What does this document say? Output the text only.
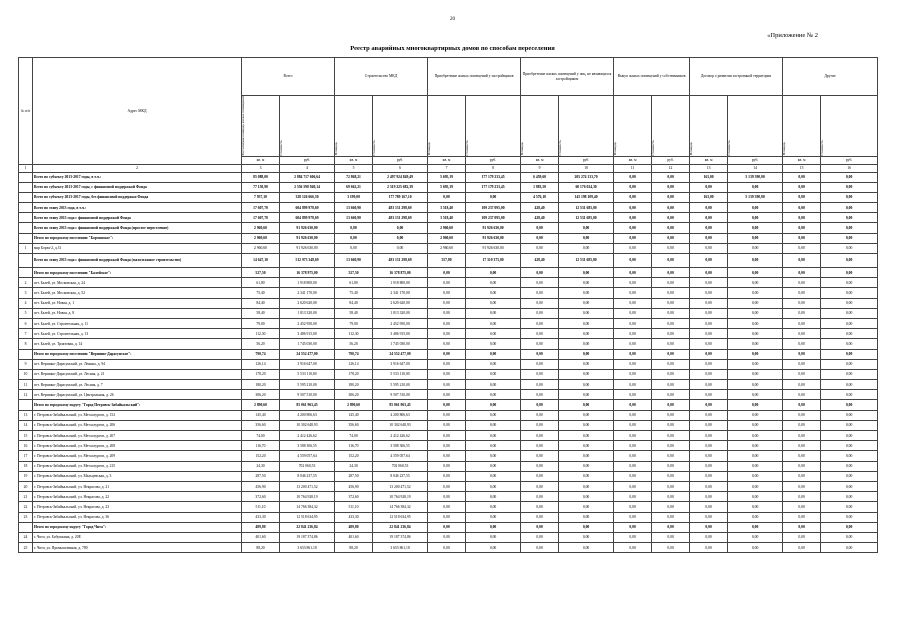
20
«Приложение № 2
Реестр аварийных многоквартирных домов по способам переселения
№ п/п	Адрес МКД	Всего		Строительство МКД		Приобретение жилых помещений у застройщиков		Приобретение жилых помещений у лиц, не являющихся застройщиком		Выкуп жилых помещений у собственников		Договор о развитии застроенной территории		Другие	

		Расселяемая площадь жилых помещений	Стоимость	Площадь	Стоимость	Площадь	Стоимость	Площадь	Стоимость	Площадь	Стоимость	Площадь	Стоимость	Площадь	Стоимость

		кв. м	руб.	кв. м	руб.	кв. м	руб.	кв. м	руб.	кв. м	руб.	кв. м	руб.	кв. м	руб.
1	2	3	4	5	6	7	8	9	10	11	12	13	14	15	16
	Всего по субъекту 2013-2017 годы, в т.ч.:	85 088,00	2 884 717 606,64	72 868,21	2 497 924 849,49	5 695,19	177 179 233,45	6 459,60	205 274 133,70	0,00	0,00	163,00	5 139 390,00	0,00	0,00
	Всего по субъекту 2013-2017 годы, с финансовой поддержкой Фонда	77 150,90	2 556 598 940,14	69 662,21	2 319 225 682,39	5 695,19	177 179 233,45	1 883,50	60 176 024,30	0,00	0,00	0,00	0,00	0,00	0,00
	Всего по субъекту 2013-2017 годы, без финансовой поддержки Фонда	7 937,10	328 126 666,50	3 199,00	177 789 167,10	0,00	0,00	4 576,10	145 198 109,40	0,00	0,00	163,00	5 139 390,00	0,00	0,00
	Всего по этапу 2013 года, в т.ч.:	17 607,70	604 899 978,69	13 660,90	483 131 298,69	3 518,40	109 237 095,00	428,40	12 531 685,00	0,00	0,00	0,00	0,00	0,00	0,00
	Всего по этапу 2013 года с финансовой поддержкой Фонда	17 607,70	604 899 978,69	13 660,90	483 131 298,69	3 518,40	109 237 095,00	428,40	12 531 685,00	0,00	0,00	0,00	0,00	0,00	0,00
	Всего по этапу 2013 года с финансовой поддержкой Фонда (простое переселение)	2 960,60	91 926 630,00	0,00	0,00	2 960,60	91 926 630,00	0,00	0,00	0,00	0,00	0,00	0,00	0,00	0,00
	Итого по городскому поселению "Борзинское":	2 960,60	91 926 630,00	0,00	0,00	2 960,60	91 926 630,00	0,00	0,00	0,00	0,00	0,00	0,00	0,00	0,00
1	мкр Борзя-2, д.31	2 960,60	91 926 630,00	0,00	0,00	2 960,60	91 926 630,00	0,00	0,00	0,00	0,00	0,00	0,00	0,00	0,00
	Всего по этапу 2013 года с финансовой поддержкой Фонда (малоэтажное строительство)	14 647,10	512 973 348,69	13 660,90	483 131 298,69	557,80	17 310 375,00	428,40	12 531 685,00	0,00	0,00	0,00	0,00	0,00	0,00
	Итого по городскому поселению "Балейское":	527,50	16 378 975,00	527,50	16 378 875,00	0,00	0,00	0,00	0,00	0,00	0,00	0,00	0,00	0,00	0,00
2	пгт. Балей, ул. Московская, д. 24	61,80	1 918 800,00	61,80	1 918 800,00	0,00	0,00	0,00	0,00	0,00	0,00	0,00	0,00	0,00	0,00
3	пгт. Балей, ул. Московская, д. 52	75,40	2 341 170,00	75,40	2 341 170,00	0,00	0,00	0,00	0,00	0,00	0,00	0,00	0,00	0,00	0,00
4	пгт. Балей, ул. Новая, д. 1	84,40	2 620 620,00	84,40	2 620 620,00	0,00	0,00	0,00	0,00	0,00	0,00	0,00	0,00	0,00	0,00
5	пгт. Балей, ул. Новая, д. 8	58,40	1 813 320,00	58,40	1 813 320,00	0,00	0,00	0,00	0,00	0,00	0,00	0,00	0,00	0,00	0,00
6	пгт. Балей, ул. Строительная, д. 11	79,00	2 452 950,00	79,00	2 452 950,00	0,00	0,00	0,00	0,00	0,00	0,00	0,00	0,00	0,00	0,00
7	пгт. Балей, ул. Строительная, д. 13	112,30	3 486 915,00	112,30	3 486 915,00	0,00	0,00	0,00	0,00	0,00	0,00	0,00	0,00	0,00	0,00
8	пгт. Балей, ул. Трактовая, д. 14	56,20	1 745 030,00	56,20	1 745 030,00	0,00	0,00	0,00	0,00	0,00	0,00	0,00	0,00	0,00	0,00
	Итого по городскому поселению "Вершино-Дарасунское":	790,74	24 552 477,00	790,74	24 552 477,00	0,00	0,00	0,00	0,00	0,00	0,00	0,00	0,00	0,00	0,00
9	пгт. Вершино-Дарасунский, ул. Ленина, д. 94	126,14	3 916 647,00	126,14	3 916 647,00	0,00	0,00	0,00	0,00	0,00	0,00	0,00	0,00	0,00	0,00
10	пгт. Вершино-Дарасунский, ул. Лесная, д. 21	178,20	5 533 110,00	178,20	5 533 110,00	0,00	0,00	0,00	0,00	0,00	0,00	0,00	0,00	0,00	0,00
11	пгт. Вершино-Дарасунский, ул. Лесная, д. 7	180,20	5 595 210,00	180,20	5 595 210,00	0,00	0,00	0,00	0,00	0,00	0,00	0,00	0,00	0,00	0,00
12	пгт. Вершино-Дарасунский, ул. Центральная, д. 26	306,20	9 507 510,00	306,20	9 507 510,00	0,00	0,00	0,00	0,00	0,00	0,00	0,00	0,00	0,00	0,00
	Итого по городскому округу "Город Петровск-Забайкальский":	2 890,60	85 061 963,45	2 890,60	85 061 963,45	0,00	0,00	0,00	0,00	0,00	0,00	0,00	0,00	0,00	0,00
13	г. Петровск-Забайкальский, ул. Металлургов, д. 152	145,40	4 200 806,63	145,40	4 200 806,63	0,00	0,00	0,00	0,00	0,00	0,00	0,00	0,00	0,00	0,00
14	г. Петровск-Забайкальский, ул. Металлургов, д. 206	356,60	10 302 648,93	356,60	10 302 648,93	0,00	0,00	0,00	0,00	0,00	0,00	0,00	0,00	0,00	0,00
15	г. Петровск-Забайкальский, ул. Металлургов, д. 207	74,00	2 412 426,62	74,00	2 412 426,62	0,00	0,00	0,00	0,00	0,00	0,00	0,00	0,00	0,00	0,00
16	г. Петровск-Забайкальский, ул. Металлургов, д. 208	116,70	3 588 306,55	116,70	3 588 306,55	0,00	0,00	0,00	0,00	0,00	0,00	0,00	0,00	0,00	0,00
17	г. Петровск-Забайкальский, ул. Металлургов, д. 209	152,20	4 559 057,64	152,20	4 559 057,64	0,00	0,00	0,00	0,00	0,00	0,00	0,00	0,00	0,00	0,00
18	г. Петровск-Забайкальский, ул. Металлургов, д. 215	24,30	702 060,53	24,30	702 060,53	0,00	0,00	0,00	0,00	0,00	0,00	0,00	0,00	0,00	0,00
19	г. Петровск-Забайкальский, ул. Мальцевская, д. 3	287,50	8 046 237,55	287,50	8 046 237,55	0,00	0,00	0,00	0,00	0,00	0,00	0,00	0,00	0,00	0,00
20	г. Петровск-Забайкальский, ул. Некрасова, д. 21	456,90	13 200 471,52	456,90	13 200 471,52	0,00	0,00	0,00	0,00	0,00	0,00	0,00	0,00	0,00	0,00
21	г. Петровск-Забайкальский, ул. Некрасова, д. 22	372,60	10 764 928,19	372,60	10 764 928,19	0,00	0,00	0,00	0,00	0,00	0,00	0,00	0,00	0,00	0,00
22	г. Петровск-Забайкальский, ул. Некрасова, д. 23	511,10	14 766 384,32	511,10	14 766 384,32	0,00	0,00	0,00	0,00	0,00	0,00	0,00	0,00	0,00	0,00
23	г. Петровск-Забайкальский, ул. Некрасова, д. 36	433,30	12 518 634,95	433,30	12 518 634,95	0,00	0,00	0,00	0,00	0,00	0,00	0,00	0,00	0,00	0,00
	Итого по городскому округу "Город Чита":	489,80	22 841 236,84	489,80	22 841 236,84	0,00	0,00	0,00	0,00	0,00	0,00	0,00	0,00	0,00	0,00
24	г. Чита, ул. Бабушкина, д. 20Е	401,60	19 187 374,86	401,60	19 187 374,86	0,00	0,00	0,00	0,00	0,00	0,00	0,00	0,00	0,00	0,00
25	г. Чита, ул. Промышленная, д. 780	88,20	3 653 861,18	88,20	3 653 861,18	0,00	0,00	0,00	0,00	0,00	0,00	0,00	0,00	0,00	0,00
